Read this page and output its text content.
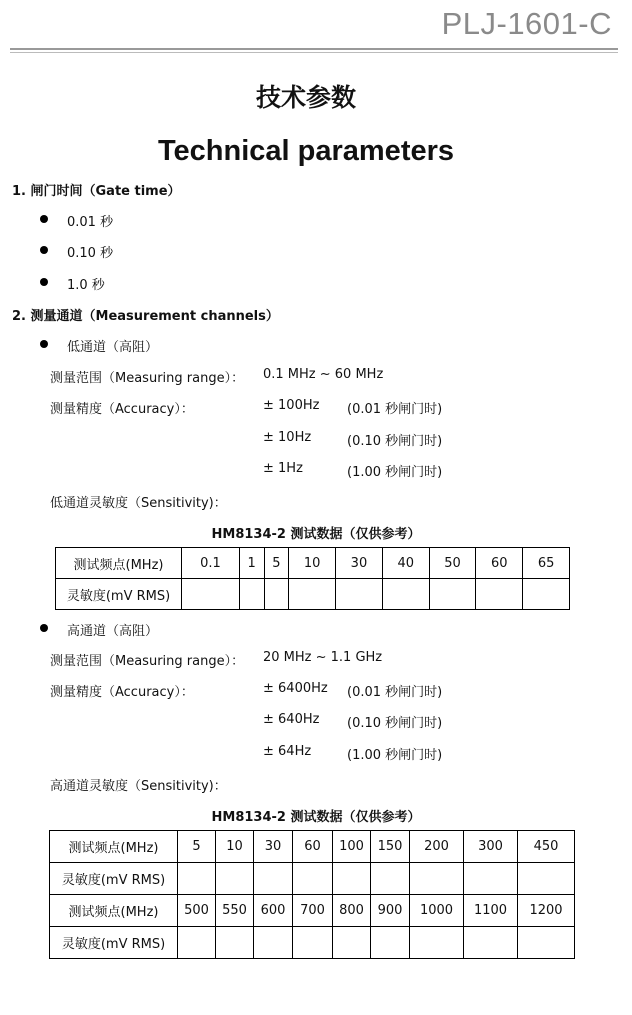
PLJ-1601-C
技术参数
Technical parameters
1. 闸门时间（Gate time）
0.01 秒
0.10 秒
1.0 秒
2. 测量通道（Measurement channels）
低通道（高阻）
测量范围（Measuring range）： 0.1 MHz ~ 60 MHz
测量精度（Accuracy）：	± 100Hz (0.01 秒闸门时)
± 10Hz	(0.10 秒闸门时)
± 1Hz	(1.00 秒闸门时)
低通道灵敏度（Sensitivity)：
HM8134-2 测试数据（仅供参考）
测试频点(MHz)	0.1	1	5	10	30	40	50	60	65
灵敏度(mV RMS)									
高通道（高阻）
测量范围（Measuring range）： 20 MHz ~ 1.1 GHz
测量精度（Accuracy）：	± 6400Hz (0.01 秒闸门时)
± 640Hz (0.10 秒闸门时)
± 64Hz	(1.00 秒闸门时)
高通道灵敏度（Sensitivity)：
HM8134-2 测试数据（仅供参考）
测试频点(MHz)	5	10	30	60	100	150	200	300	450
灵敏度(mV RMS)									
测试频点(MHz)	500	550	600	700	800	900	1000	1100	1200
灵敏度(mV RMS)									
